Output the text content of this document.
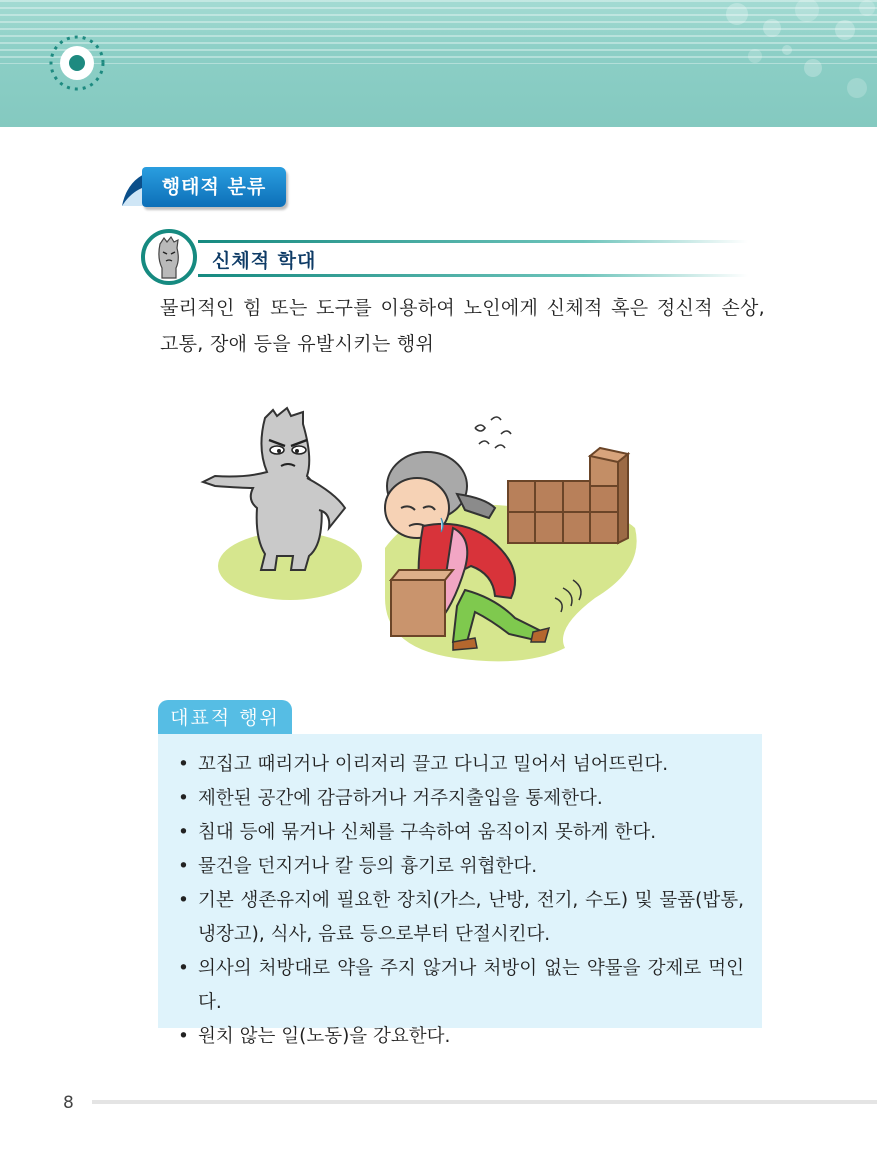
행태적 분류
신체적 학대
물리적인 힘 또는 도구를 이용하여 노인에게 신체적 혹은 정신적 손상, 고통, 장애 등을 유발시키는 행위
대표적 행위
• 꼬집고 때리거나 이리저리 끌고 다니고 밀어서 넘어뜨린다.
• 제한된 공간에 감금하거나 거주지출입을 통제한다.
• 침대 등에 묶거나 신체를 구속하여 움직이지 못하게 한다.
• 물건을 던지거나 칼 등의 흉기로 위협한다.
• 기본 생존유지에 필요한 장치(가스, 난방, 전기, 수도) 및 물품(밥통, 냉장고), 식사, 음료 등으로부터 단절시킨다.
• 의사의 처방대로 약을 주지 않거나 처방이 없는 약물을 강제로 먹인다.
• 원치 않는 일(노동)을 강요한다.
8
